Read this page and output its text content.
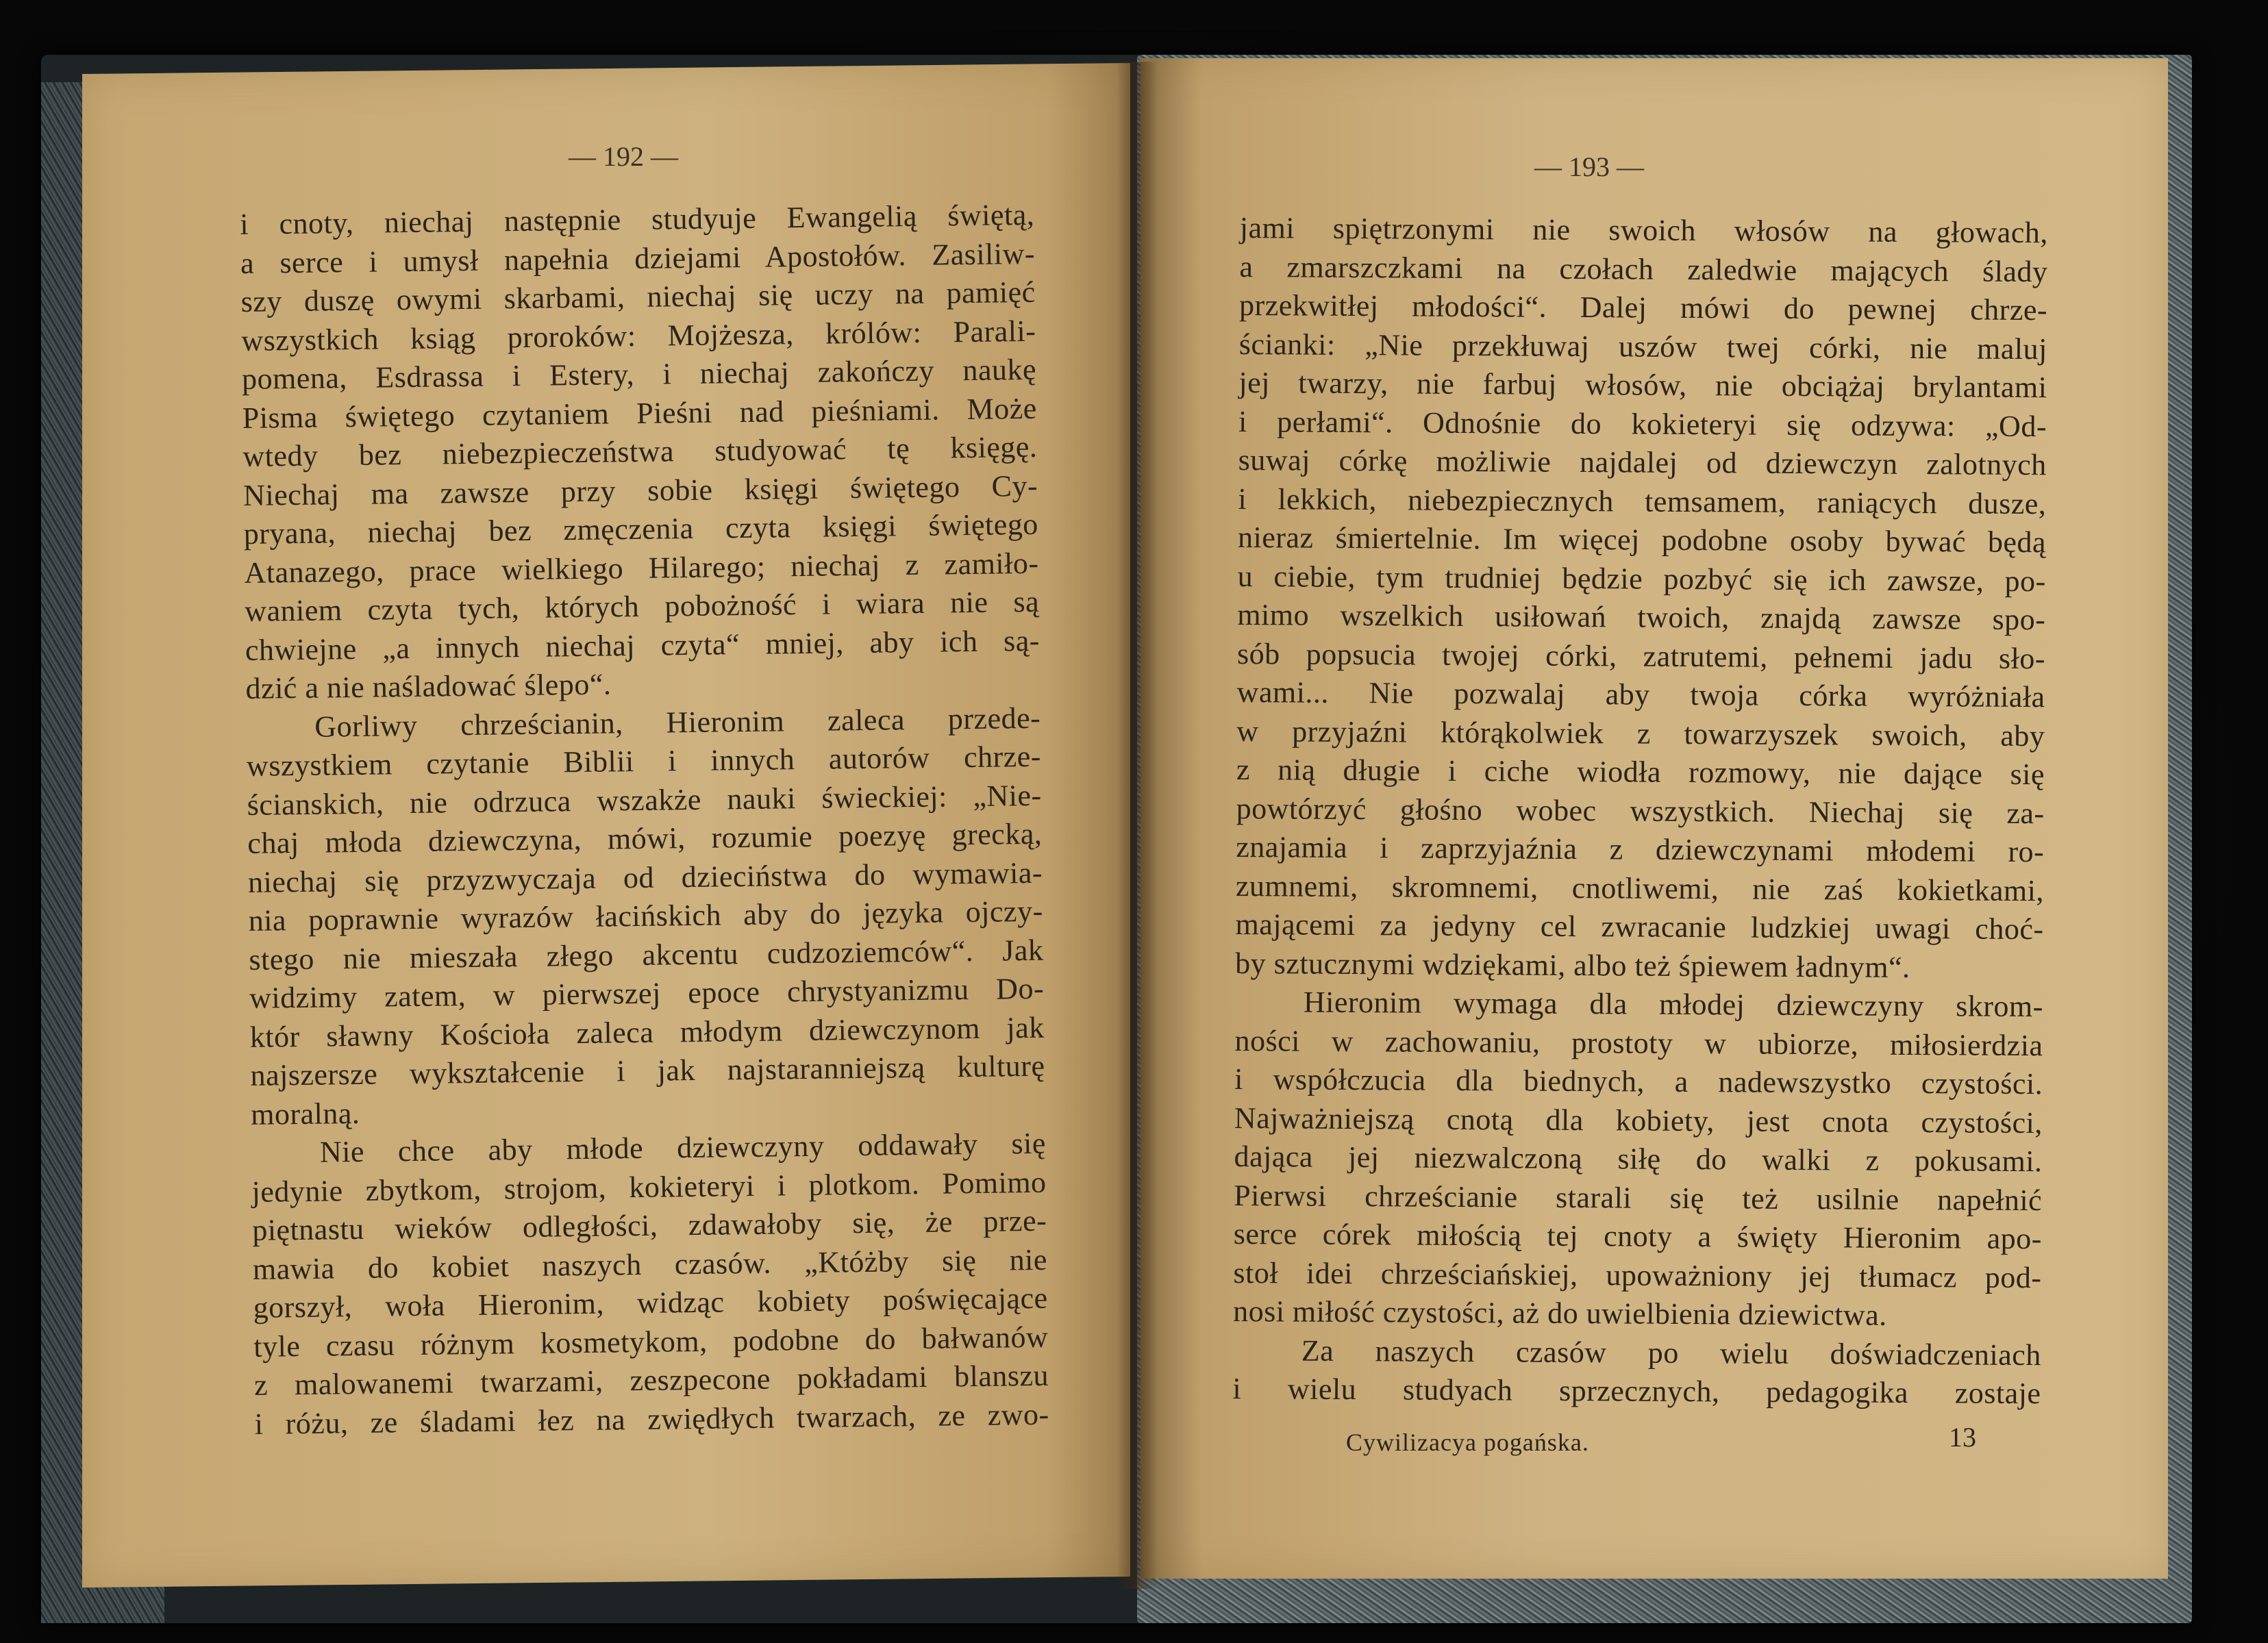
— 192 —	— 193 —
i cnoty, niechaj następnie studyuje Ewangelią świętą,
a serce i umysł napełnia dziejami Apostołów. Zasiliw-
szy duszę owymi skarbami, niechaj się uczy na pamięć
wszystkich ksiąg proroków: Mojżesza, królów: Parali-
pomena, Esdrassa i Estery, i niechaj zakończy naukę
Pisma świętego czytaniem Pieśni nad pieśniami. Może
wtedy bez niebezpieczeństwa studyować tę księgę.
Niechaj ma zawsze przy sobie księgi świętego Cy-
pryana, niechaj bez zmęczenia czyta księgi świętego
Atanazego, prace wielkiego Hilarego; niechaj z zamiło-
waniem czyta tych, których pobożność i wiara nie są
chwiejne „a innych niechaj czyta“ mniej, aby ich są-
dzić a nie naśladować ślepo“.
Gorliwy chrześcianin, Hieronim zaleca przede-
wszystkiem czytanie Biblii i innych autorów chrze-
ścianskich, nie odrzuca wszakże nauki świeckiej: „Nie-
chaj młoda dziewczyna, mówi, rozumie poezyę grecką,
niechaj się przyzwyczaja od dzieciństwa do wymawia-
nia poprawnie wyrazów łacińskich aby do języka ojczy-
stego nie mieszała złego akcentu cudzoziemców“. Jak
widzimy zatem, w pierwszej epoce chrystyanizmu Do-
któr sławny Kościoła zaleca młodym dziewczynom jak
najszersze wykształcenie i jak najstaranniejszą kulturę
moralną.
Nie chce aby młode dziewczyny oddawały się
jedynie zbytkom, strojom, kokieteryi i plotkom. Pomimo
piętnastu wieków odległości, zdawałoby się, że prze-
mawia do kobiet naszych czasów. „Któżby się nie
gorszył, woła Hieronim, widząc kobiety poświęcające
tyle czasu różnym kosmetykom, podobne do bałwanów
z malowanemi twarzami, zeszpecone pokładami blanszu
i różu, ze śladami łez na zwiędłych twarzach, ze zwo-
jami spiętrzonymi nie swoich włosów na głowach,
a zmarszczkami na czołach zaledwie mających ślady
przekwitłej młodości“. Dalej mówi do pewnej chrze-
ścianki: „Nie przekłuwaj uszów twej córki, nie maluj
jej twarzy, nie farbuj włosów, nie obciążaj brylantami
i perłami“. Odnośnie do kokieteryi się odzywa: „Od-
suwaj córkę możliwie najdalej od dziewczyn zalotnych
i lekkich, niebezpiecznych temsamem, raniących dusze,
nieraz śmiertelnie. Im więcej podobne osoby bywać będą
u ciebie, tym trudniej będzie pozbyć się ich zawsze, po-
mimo wszelkich usiłowań twoich, znajdą zawsze spo-
sób popsucia twojej córki, zatrutemi, pełnemi jadu sło-
wami... Nie pozwalaj aby twoja córka wyróżniała
w przyjaźni którąkolwiek z towarzyszek swoich, aby
z nią długie i ciche wiodła rozmowy, nie dające się
powtórzyć głośno wobec wszystkich. Niechaj się za-
znajamia i zaprzyjaźnia z dziewczynami młodemi ro-
zumnemi, skromnemi, cnotliwemi, nie zaś kokietkami,
mającemi za jedyny cel zwracanie ludzkiej uwagi choć-
by sztucznymi wdziękami, albo też śpiewem ładnym“.
Hieronim wymaga dla młodej dziewczyny skrom-
ności w zachowaniu, prostoty w ubiorze, miłosierdzia
i współczucia dla biednych, a nadewszystko czystości.
Najważniejszą cnotą dla kobiety, jest cnota czystości,
dająca jej niezwalczoną siłę do walki z pokusami.
Pierwsi chrześcianie starali się też usilnie napełnić
serce córek miłością tej cnoty a święty Hieronim apo-
stoł idei chrześciańskiej, upoważniony jej tłumacz pod-
nosi miłość czystości, aż do uwielbienia dziewictwa.
Za naszych czasów po wielu doświadczeniach
i wielu studyach sprzecznych, pedagogika zostaje
Cywilizacya pogańska.	13
